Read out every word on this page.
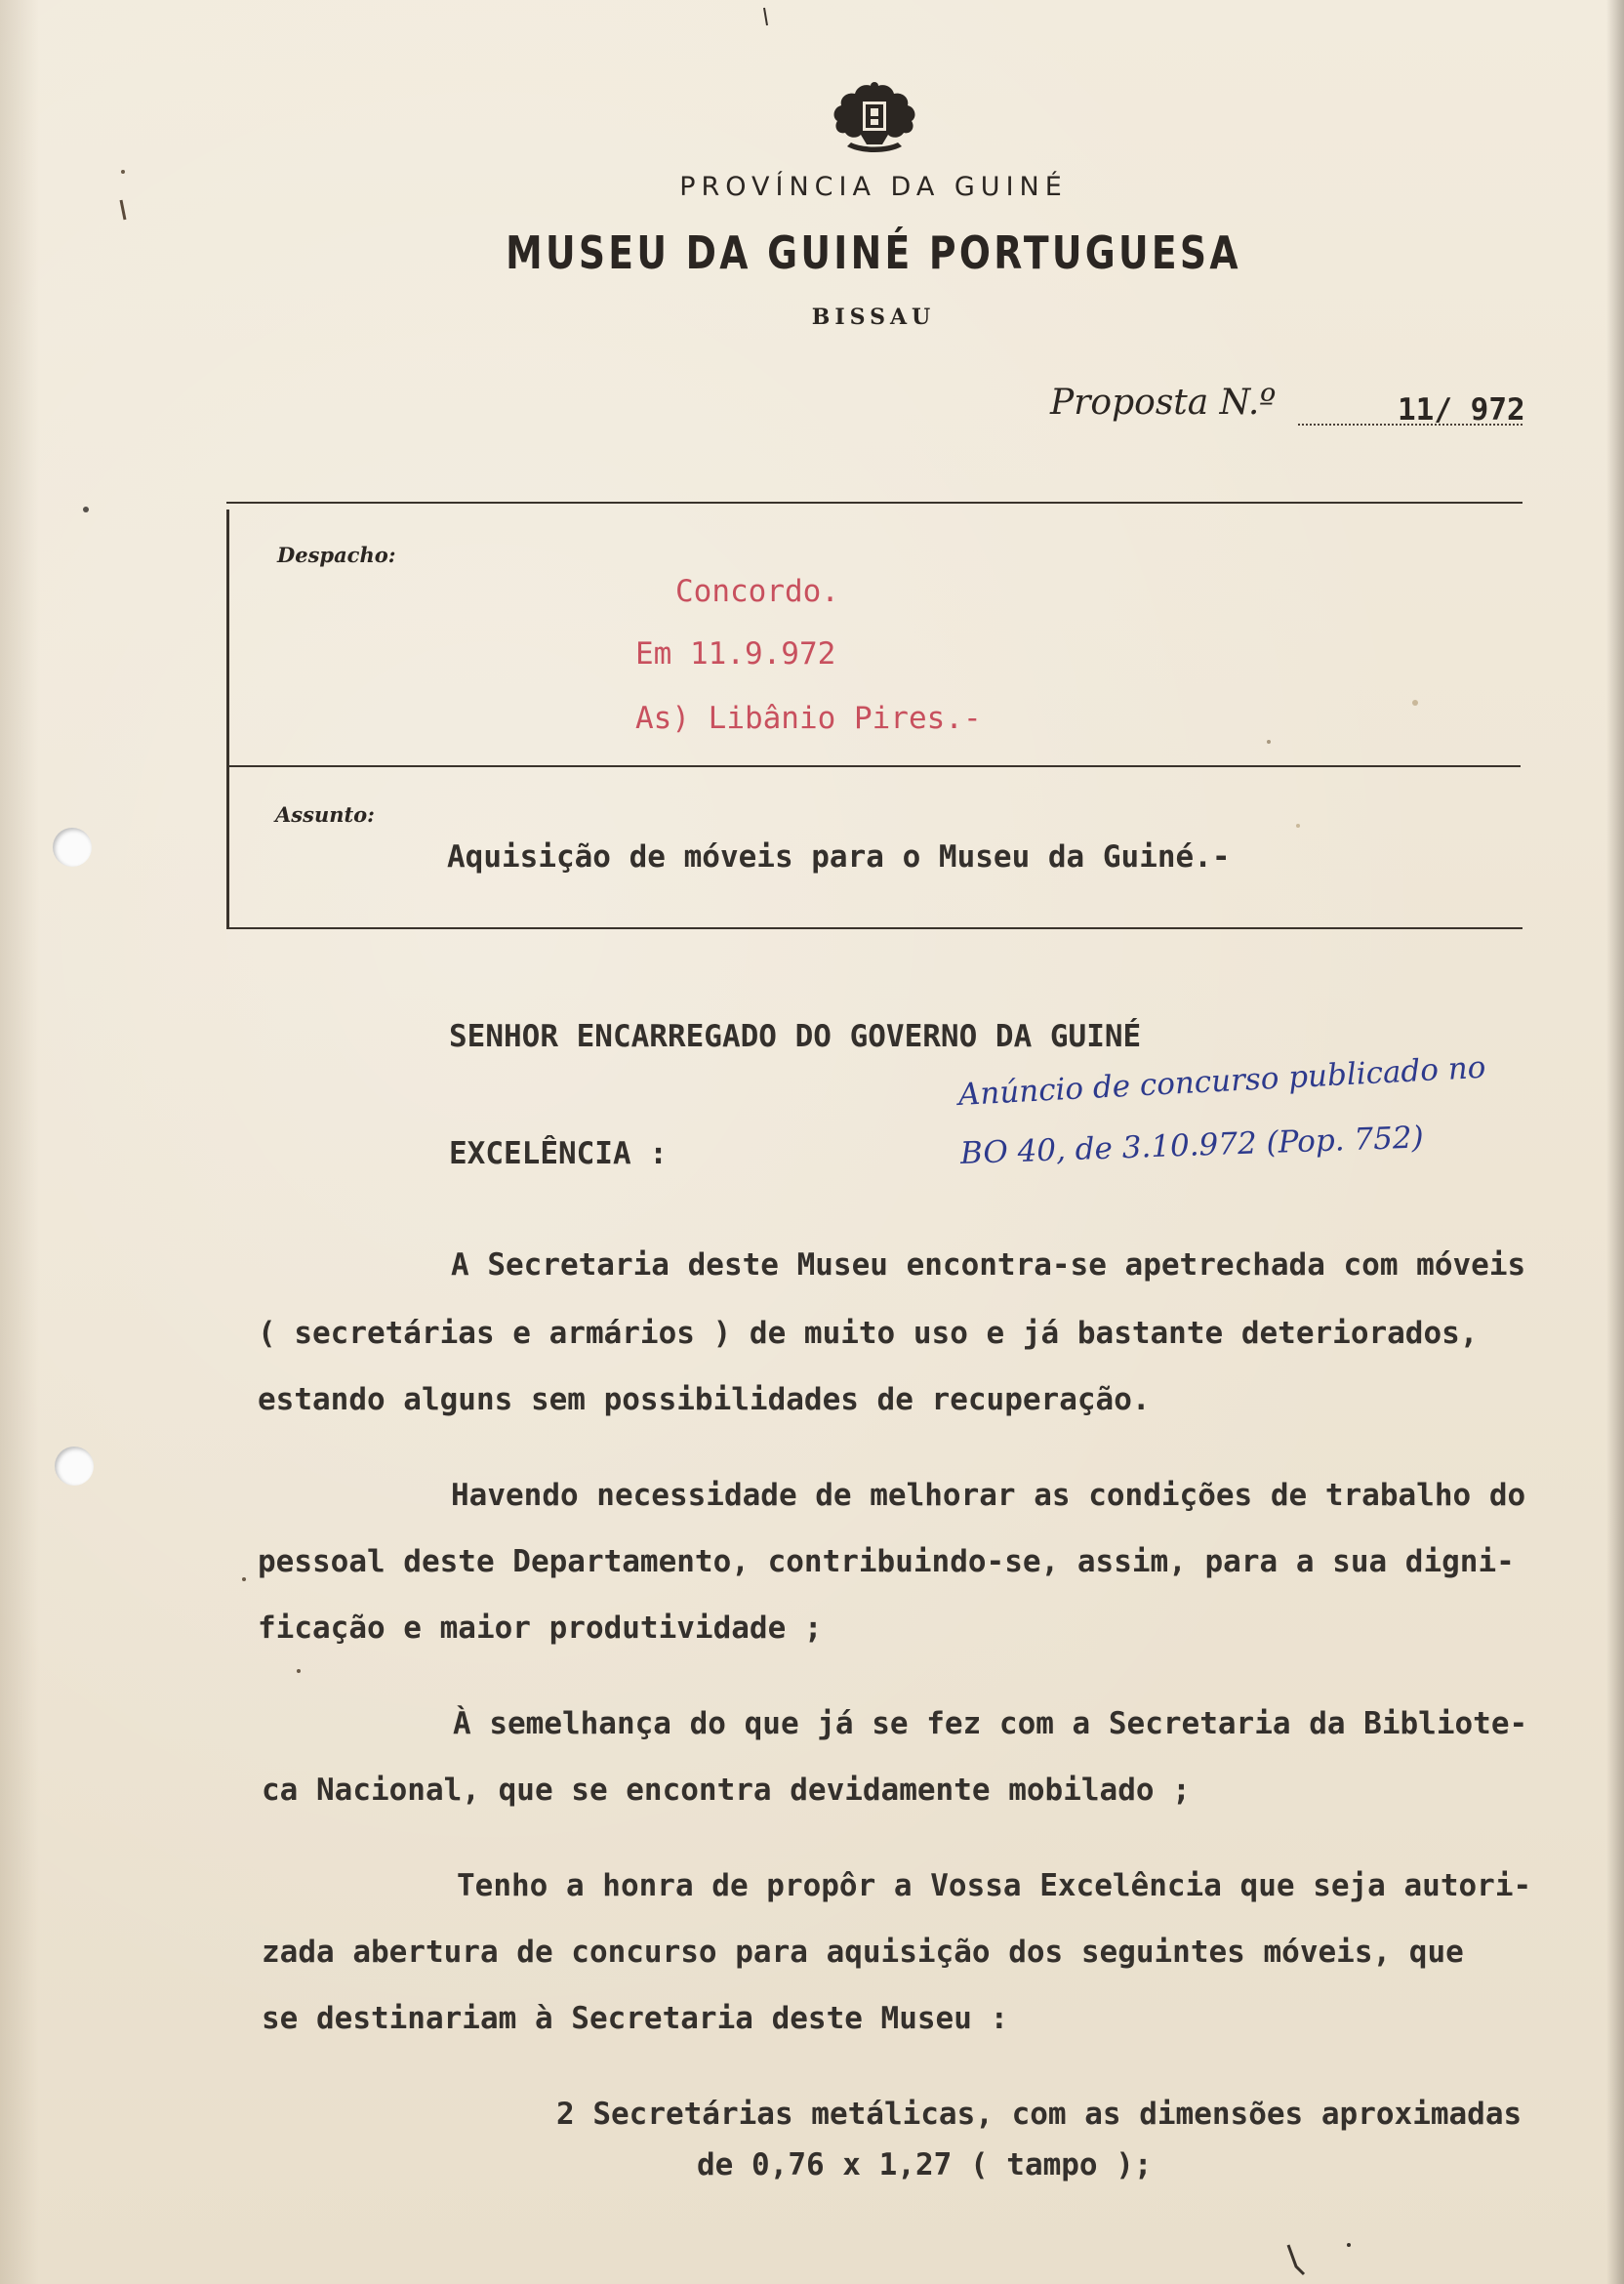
PROVÍNCIA DA GUINÉ
MUSEU DA GUINÉ PORTUGUESA
BISSAU
Proposta N.º	11/ 972
Despacho:
Concordo.
Em 11.9.972
As) Libânio Pires.-
Assunto:
Aquisição de móveis para o Museu da Guiné.-
SENHOR ENCARREGADO DO GOVERNO DA GUINÉ
EXCELÊNCIA :
Anúncio de concurso publicado no
BO 40, de 3.10.972 (Pop. 752)
A Secretaria deste Museu encontra-se apetrechada com móveis
( secretárias e armários ) de muito uso e já bastante deteriorados,
estando alguns sem possibilidades de recuperação.
Havendo necessidade de melhorar as condições de trabalho do
pessoal deste Departamento, contribuindo-se, assim, para a sua digni-
ficação e maior produtividade ;
À semelhança do que já se fez com a Secretaria da Bibliote-
ca Nacional, que se encontra devidamente mobilado ;
Tenho a honra de propôr a Vossa Excelência que seja autori-
zada abertura de concurso para aquisição dos seguintes móveis, que
se destinariam à Secretaria deste Museu :
2 Secretárias metálicas, com as dimensões aproximadas
de 0,76 x 1,27 ( tampo );
